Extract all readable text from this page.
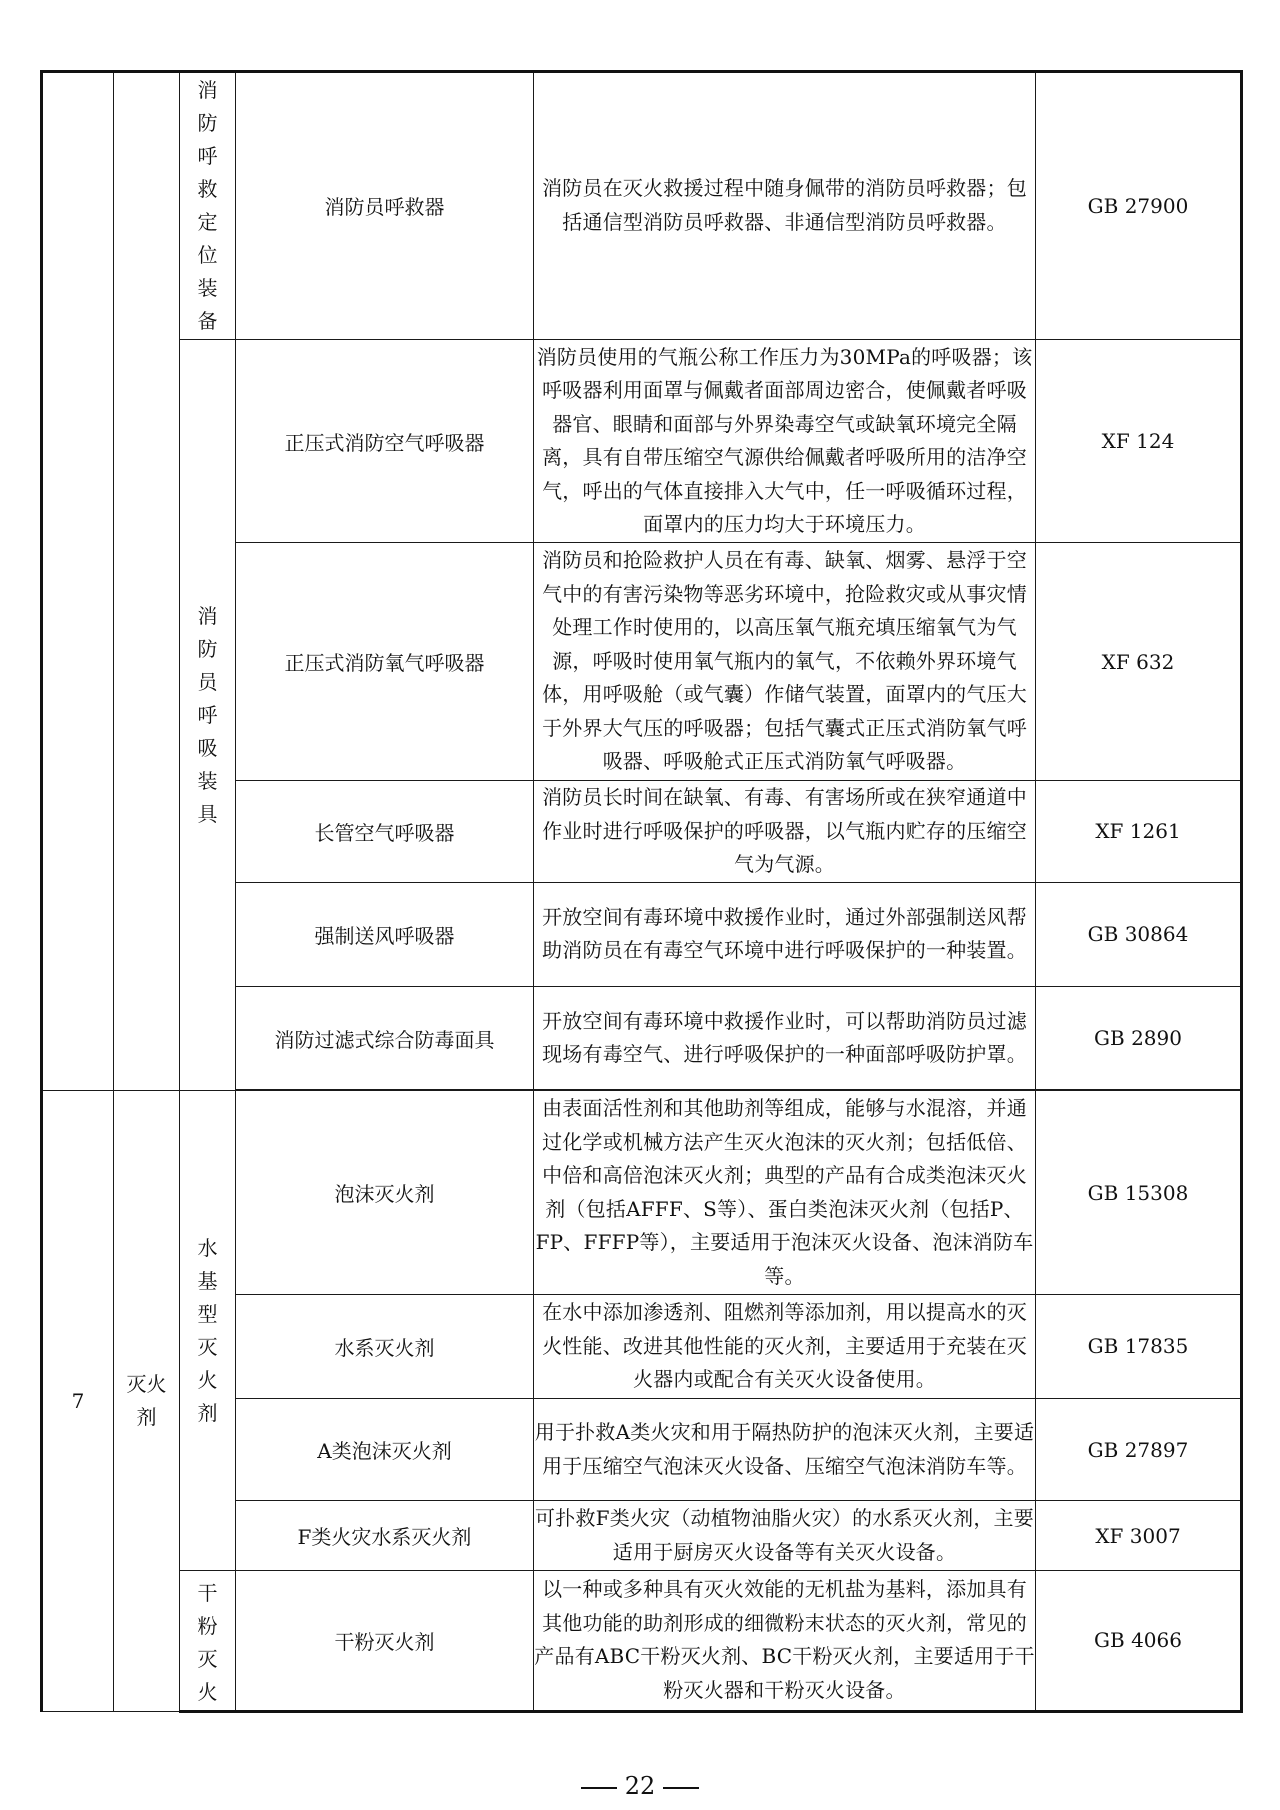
		消防呼救定位装备	消防员呼救器	消防员在灭火救援过程中随身佩带的消防员呼救器；包括通信型消防员呼救器、非通信型消防员呼救器。	GB 27900
		消防员呼吸装具	正压式消防空气呼吸器	消防员使用的气瓶公称工作压力为30MPa的呼吸器；该呼吸器利用面罩与佩戴者面部周边密合，使佩戴者呼吸器官、眼睛和面部与外界染毒空气或缺氧环境完全隔离，具有自带压缩空气源供给佩戴者呼吸所用的洁净空气，呼出的气体直接排入大气中，任一呼吸循环过程，面罩内的压力均大于环境压力。	XF 124
			正压式消防氧气呼吸器	消防员和抢险救护人员在有毒、缺氧、烟雾、悬浮于空气中的有害污染物等恶劣环境中，抢险救灾或从事灾情处理工作时使用的，以高压氧气瓶充填压缩氧气为气源，呼吸时使用氧气瓶内的氧气，不依赖外界环境气体，用呼吸舱（或气囊）作储气装置，面罩内的气压大于外界大气压的呼吸器；包括气囊式正压式消防氧气呼吸器、呼吸舱式正压式消防氧气呼吸器。	XF 632
			长管空气呼吸器	消防员长时间在缺氧、有毒、有害场所或在狭窄通道中作业时进行呼吸保护的呼吸器，以气瓶内贮存的压缩空气为气源。	XF 1261
			强制送风呼吸器	开放空间有毒环境中救援作业时，通过外部强制送风帮助消防员在有毒空气环境中进行呼吸保护的一种装置。	GB 30864
			消防过滤式综合防毒面具	开放空间有毒环境中救援作业时，可以帮助消防员过滤现场有毒空气、进行呼吸保护的一种面部呼吸防护罩。	GB 2890

7	灭火剂	水基型灭火剂	泡沫灭火剂	由表面活性剂和其他助剂等组成，能够与水混溶，并通过化学或机械方法产生灭火泡沫的灭火剂；包括低倍、中倍和高倍泡沫灭火剂；典型的产品有合成类泡沫灭火剂（包括AFFF、S等）、蛋白类泡沫灭火剂（包括P、FP、FFFP等），主要适用于泡沫灭火设备、泡沫消防车等。	GB 15308
			水系灭火剂	在水中添加渗透剂、阻燃剂等添加剂，用以提高水的灭火性能、改进其他性能的灭火剂，主要适用于充装在灭火器内或配合有关灭火设备使用。	GB 17835
			A类泡沫灭火剂	用于扑救A类火灾和用于隔热防护的泡沫灭火剂，主要适用于压缩空气泡沫灭火设备、压缩空气泡沫消防车等。	GB 27897
			F类火灾水系灭火剂	可扑救F类火灾（动植物油脂火灾）的水系灭火剂，主要适用于厨房灭火设备等有关灭火设备。	XF 3007
		干粉灭火	干粉灭火剂	以一种或多种具有灭火效能的无机盐为基料，添加具有其他功能的助剂形成的细微粉末状态的灭火剂，常见的产品有ABC干粉灭火剂、BC干粉灭火剂，主要适用于干粉灭火器和干粉灭火设备。	GB 4066
22
